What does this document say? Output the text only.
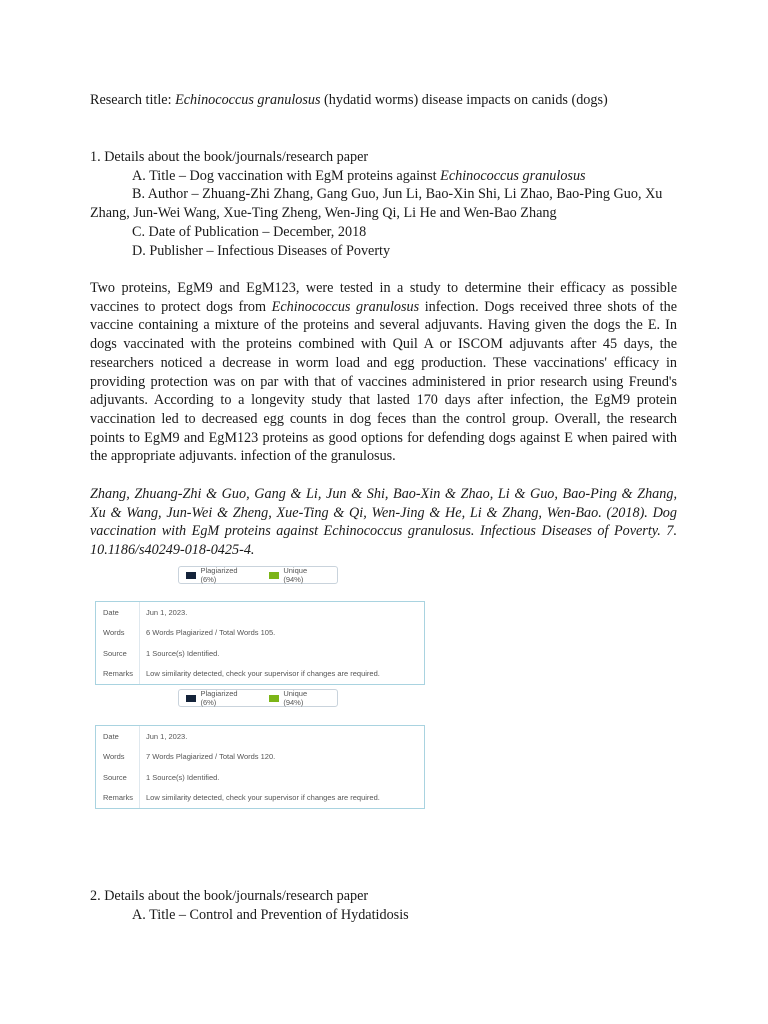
Research title: Echinococcus granulosus (hydatid worms) disease impacts on canids (dogs)
1. Details about the book/journals/research paper
A. Title – Dog vaccination with EgM proteins against Echinococcus granulosus
B. Author – Zhuang-Zhi Zhang, Gang Guo, Jun Li, Bao-Xin Shi, Li Zhao, Bao-Ping Guo, Xu
Zhang, Jun-Wei Wang, Xue-Ting Zheng, Wen-Jing Qi, Li He and Wen-Bao Zhang
C. Date of Publication – December, 2018
D. Publisher – Infectious Diseases of Poverty
Two proteins, EgM9 and EgM123, were tested in a study to determine their efficacy as possible vaccines to protect dogs from Echinococcus granulosus infection. Dogs received three shots of the vaccine containing a mixture of the proteins and several adjuvants. Having given the dogs the E. In dogs vaccinated with the proteins combined with Quil A or ISCOM adjuvants after 45 days, the researchers noticed a decrease in worm load and egg production. These vaccinations' efficacy in providing protection was on par with that of vaccines administered in prior research using Freund's adjuvants. According to a longevity study that lasted 170 days after infection, the EgM9 protein vaccination led to decreased egg counts in dog feces than the control group. Overall, the research points to EgM9 and EgM123 proteins as good options for defending dogs against E when paired with the appropriate adjuvants. infection of the granulosus.
Zhang, Zhuang-Zhi & Guo, Gang & Li, Jun & Shi, Bao-Xin & Zhao, Li & Guo, Bao-Ping & Zhang, Xu & Wang, Jun-Wei & Zheng, Xue-Ting & Qi, Wen-Jing & He, Li & Zhang, Wen-Bao. (2018). Dog vaccination with EgM proteins against Echinococcus granulosus. Infectious Diseases of Poverty. 7. 10.1186/s40249-018-0425-4.
Plagiarized (6%)
Unique (94%)
Date	Jun 1, 2023.
Words	6 Words Plagiarized / Total Words 105.
Source	1 Source(s) Identified.
Remarks	Low similarity detected, check your supervisor if changes are required.
Plagiarized (6%)
Unique (94%)
Date	Jun 1, 2023.
Words	7 Words Plagiarized / Total Words 120.
Source	1 Source(s) Identified.
Remarks	Low similarity detected, check your supervisor if changes are required.
2. Details about the book/journals/research paper
A. Title – Control and Prevention of Hydatidosis
